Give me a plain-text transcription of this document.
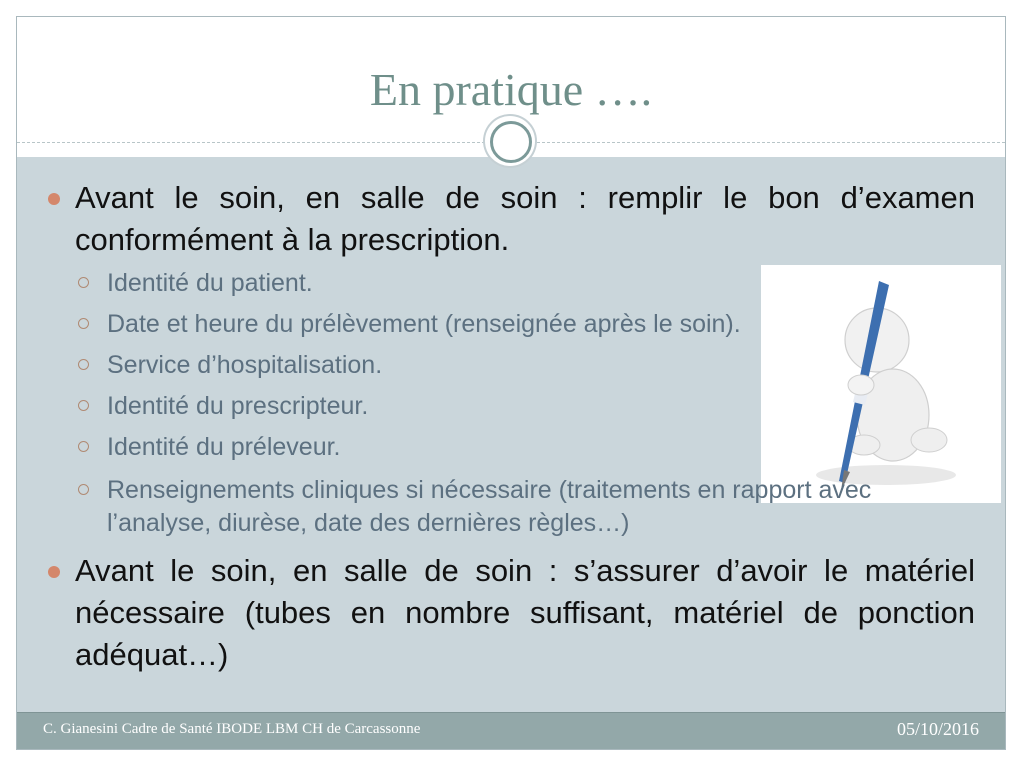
En pratique ….
Avant le soin, en salle de soin : remplir le bon d’examen conformément à la prescription.
Identité du patient.
Date et heure du prélèvement (renseignée après le soin).
Service d’hospitalisation.
Identité du prescripteur.
Identité du préleveur.
Renseignements cliniques si nécessaire (traitements en rapport avec l’analyse, diurèse, date des dernières règles…)
Avant le soin, en salle de soin : s’assurer d’avoir le matériel nécessaire (tubes en nombre suffisant, matériel de ponction adéquat…)
C. Gianesini Cadre de Santé IBODE LBM CH de Carcassonne	05/10/2016
